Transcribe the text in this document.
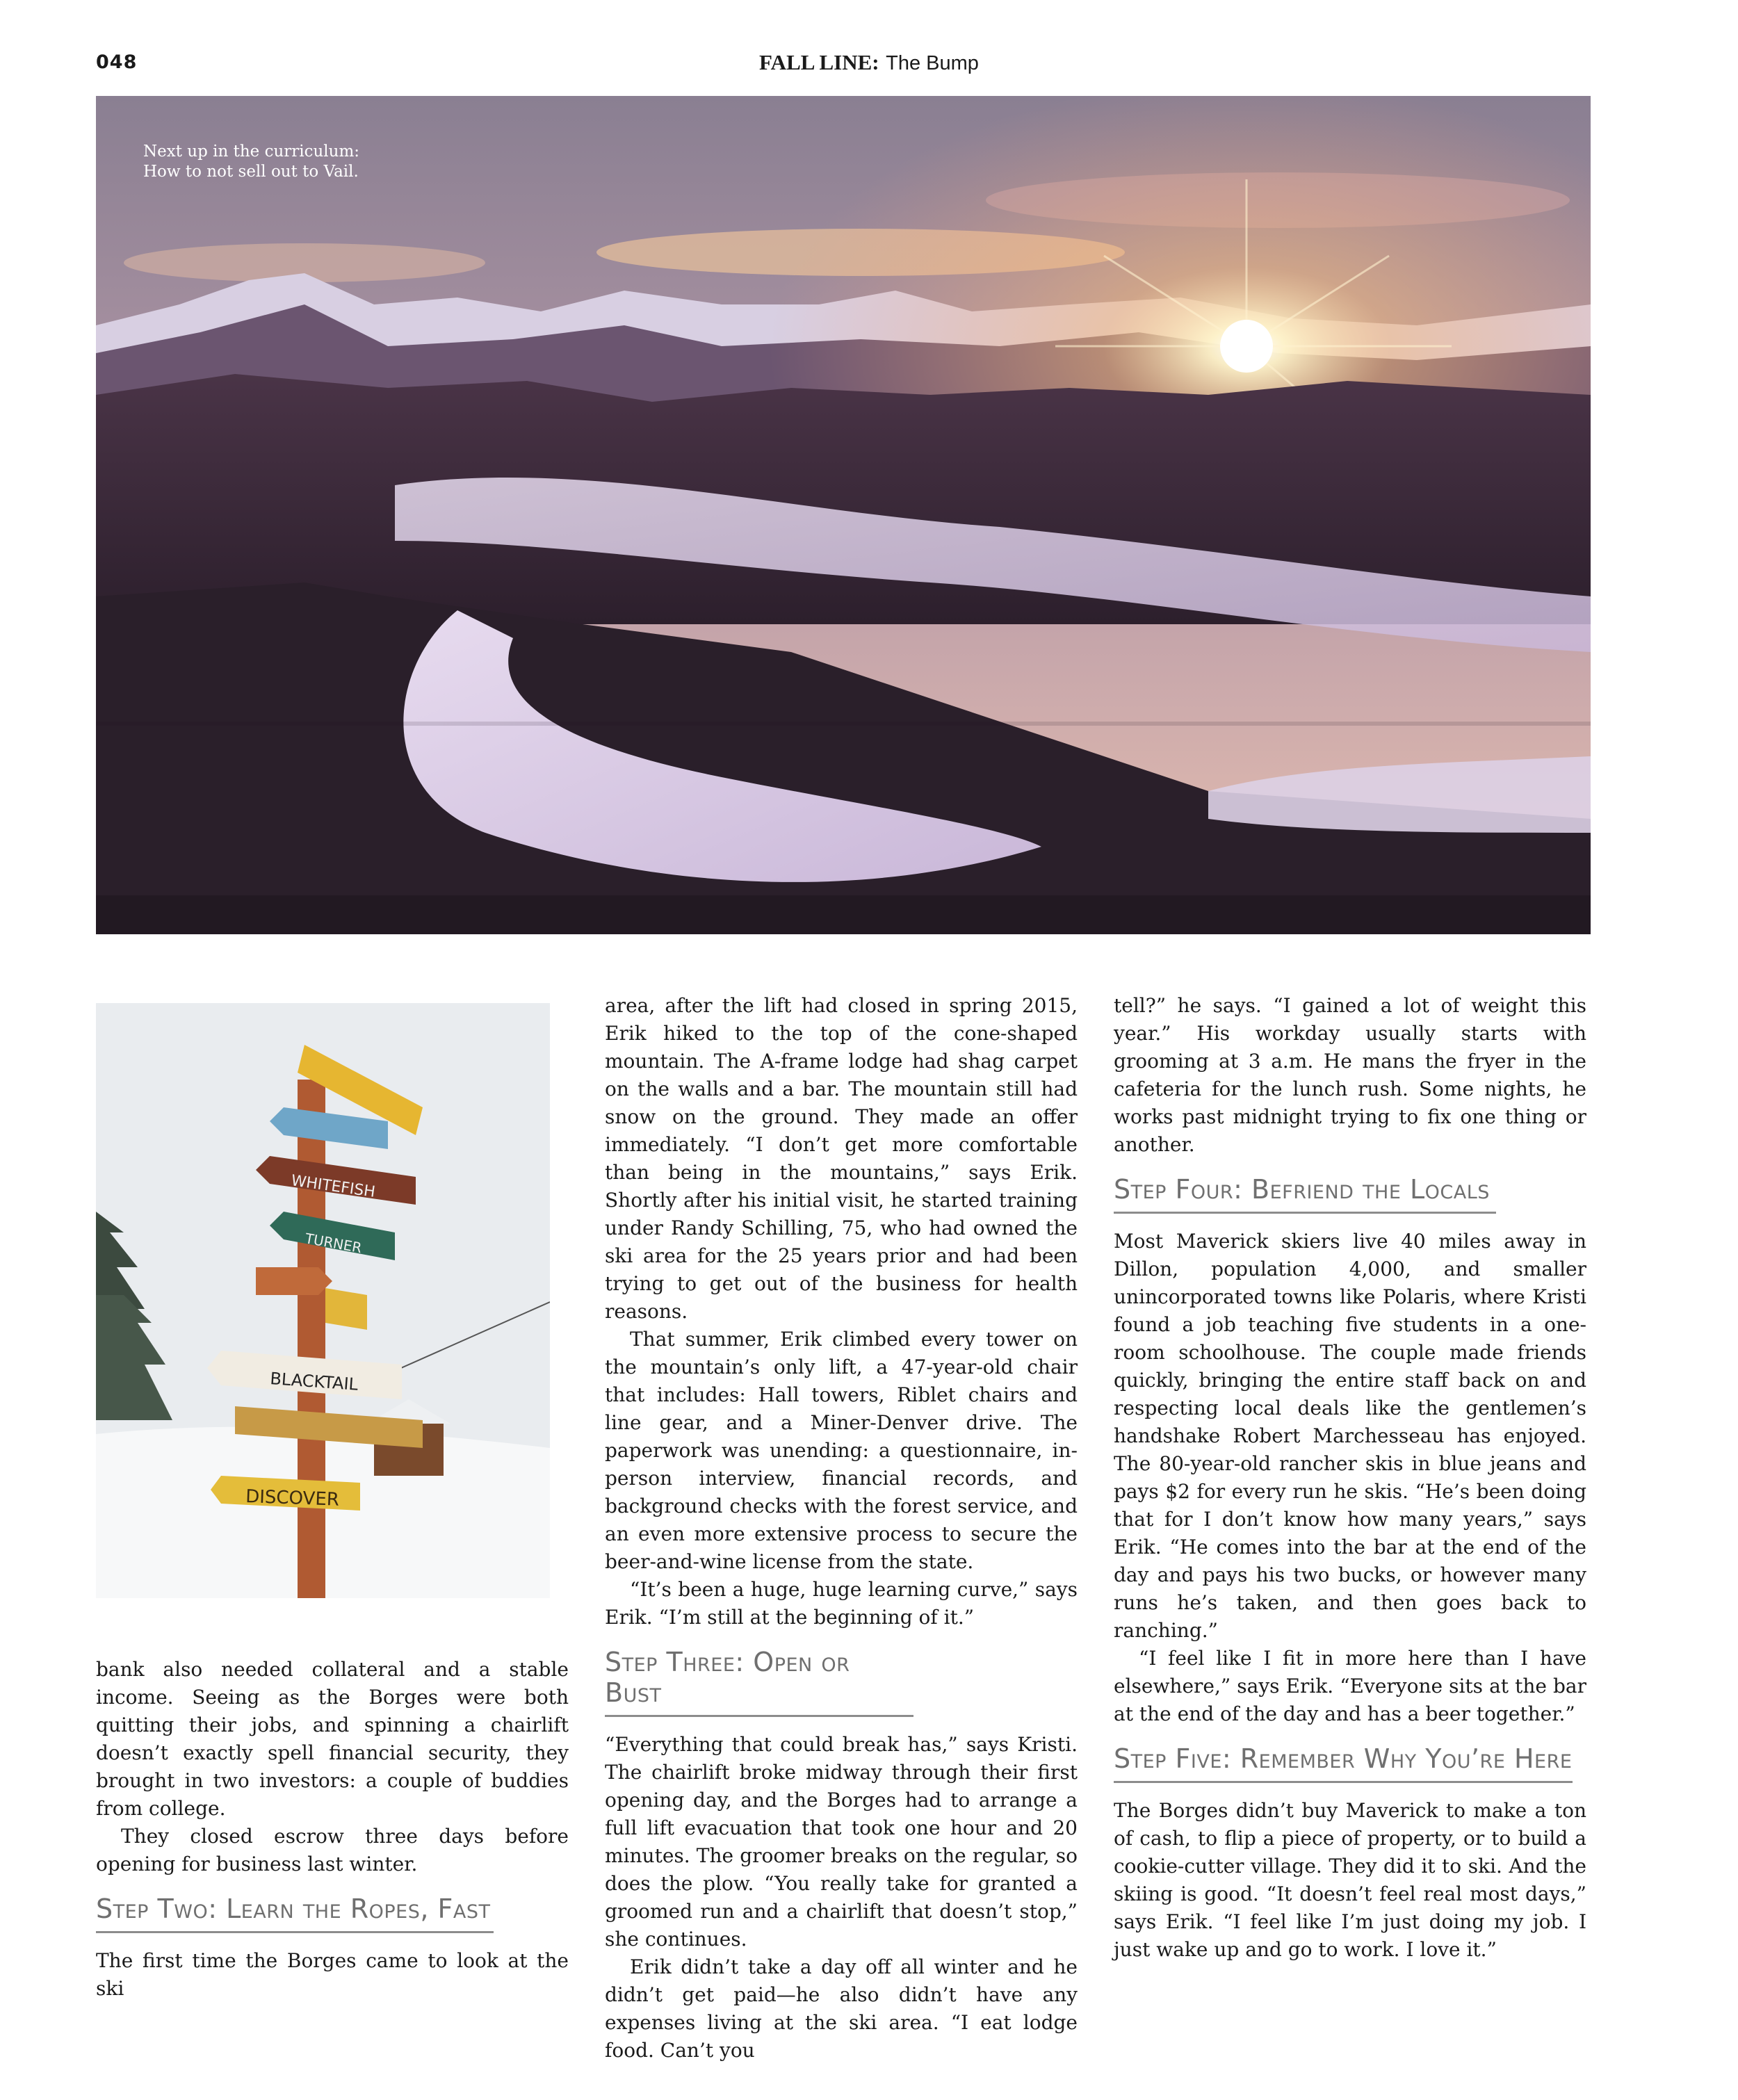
048	FALL LINE: The Bump
Next up in the curriculum:
How to not sell out to Vail.
WHITEFISH
TURNER
BLACKTAIL
DISCOVER

bank also needed collateral and a stable income. Seeing as the Borges were both quitting their jobs, and spinning a chairlift doesn’t exactly spell financial security, they brought in two investors: a couple of buddies from college.

They closed escrow three days before opening for business last winter.

Step Two: Learn the Ropes, Fast

The first time the Borges came to look at the ski

area, after the lift had closed in spring 2015, Erik hiked to the top of the cone-shaped mountain. The A-frame lodge had shag carpet on the walls and a bar. The mountain still had snow on the ground. They made an offer immediately. “I don’t get more comfortable than being in the mountains,” says Erik. Shortly after his initial visit, he started training under Randy Schilling, 75, who had owned the ski area for the 25 years prior and had been trying to get out of the business for health reasons.

That summer, Erik climbed every tower on the mountain’s only lift, a 47-year-old chair that includes: Hall towers, Riblet chairs and line gear, and a Miner-Denver drive. The paperwork was unending: a questionnaire, in-person interview, financial records, and background checks with the forest service, and an even more extensive process to secure the beer-and-wine license from the state.

“It’s been a huge, huge learning curve,” says Erik. “I’m still at the beginning of it.”

Step Three: Open or Bust

“Everything that could break has,” says Kristi. The chairlift broke midway through their first opening day, and the Borges had to arrange a full lift evacuation that took one hour and 20 minutes. The groomer breaks on the regular, so does the plow. “You really take for granted a groomed run and a chairlift that doesn’t stop,” she continues.

Erik didn’t take a day off all winter and he didn’t get paid—he also didn’t have any expenses living at the ski area. “I eat lodge food. Can’t you

tell?” he says. “I gained a lot of weight this year.” His workday usually starts with grooming at 3 a.m. He mans the fryer in the cafeteria for the lunch rush. Some nights, he works past midnight trying to fix one thing or another.

Step Four: Befriend the Locals

Most Maverick skiers live 40 miles away in Dillon, population 4,000, and smaller unincorporated towns like Polaris, where Kristi found a job teaching five students in a one-room schoolhouse. The couple made friends quickly, bringing the entire staff back on and respecting local deals like the gentlemen’s handshake Robert Marchesseau has enjoyed. The 80-year-old rancher skis in blue jeans and pays $2 for every run he skis. “He’s been doing that for I don’t know how many years,” says Erik. “He comes into the bar at the end of the day and pays his two bucks, or however many runs he’s taken, and then goes back to ranching.”

“I feel like I fit in more here than I have elsewhere,” says Erik. “Everyone sits at the bar at the end of the day and has a beer together.”

Step Five: Remember Why You’re Here

The Borges didn’t buy Maverick to make a ton of cash, to flip a piece of property, or to build a cookie-cutter village. They did it to ski. And the skiing is good. “It doesn’t feel real most days,” says Erik. “I feel like I’m just doing my job. I just wake up and go to work. I love it.”
